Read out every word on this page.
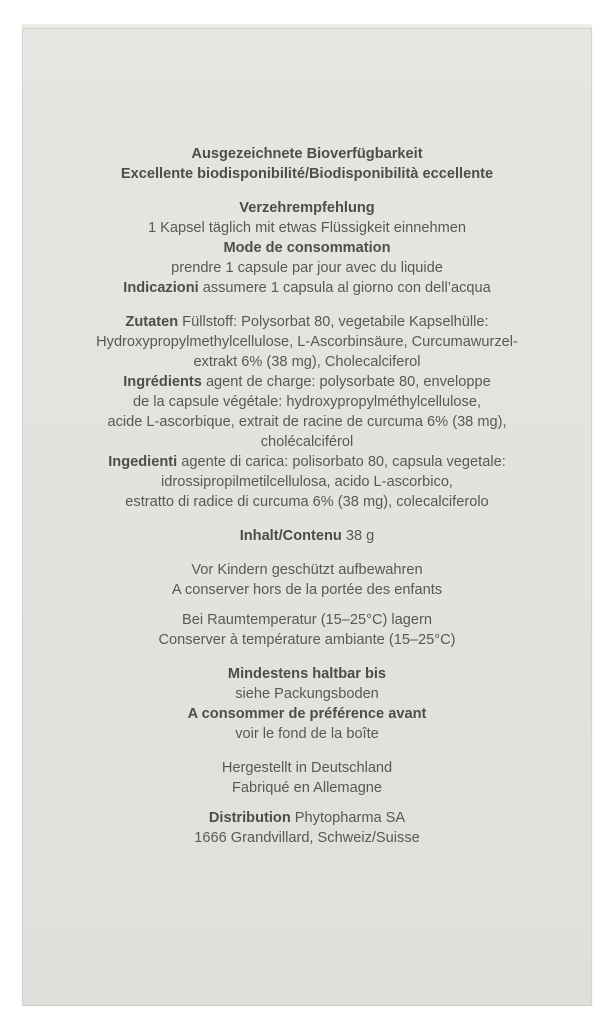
Ausgezeichnete Bioverfügbarkeit

Excellente biodisponibilité/Biodisponibilità eccellente

Verzehrempfehlung

1 Kapsel täglich mit etwas Flüssigkeit einnehmen

Mode de consommation

prendre 1 capsule par jour avec du liquide

Indicazioni assumere 1 capsula al giorno con dell’acqua

Zutaten Füllstoff: Polysorbat 80, vegetabile Kapselhülle:

Hydroxypropylmethylcellulose, L-Ascorbinsäure, Curcumawurzel-

extrakt 6% (38 mg), Cholecalciferol

Ingrédients agent de charge: polysorbate 80, enveloppe

de la capsule végétale: hydroxypropylméthylcellulose,

acide L-ascorbique, extrait de racine de curcuma 6% (38 mg),

cholécalciférol

Ingedienti agente di carica: polisorbato 80, capsula vegetale:

idrossipropilmetilcellulosa, acido L-ascorbico,

estratto di radice di curcuma 6% (38 mg), colecalciferolo

Inhalt/Contenu 38 g

Vor Kindern geschützt aufbewahren

A conserver hors de la portée des enfants

Bei Raumtemperatur (15–25°C) lagern

Conserver à température ambiante (15–25°C)

Mindestens haltbar bis

siehe Packungsboden

A consommer de préférence avant

voir le fond de la boîte

Hergestellt in Deutschland

Fabriqué en Allemagne

Distribution Phytopharma SA

1666 Grandvillard, Schweiz/Suisse
